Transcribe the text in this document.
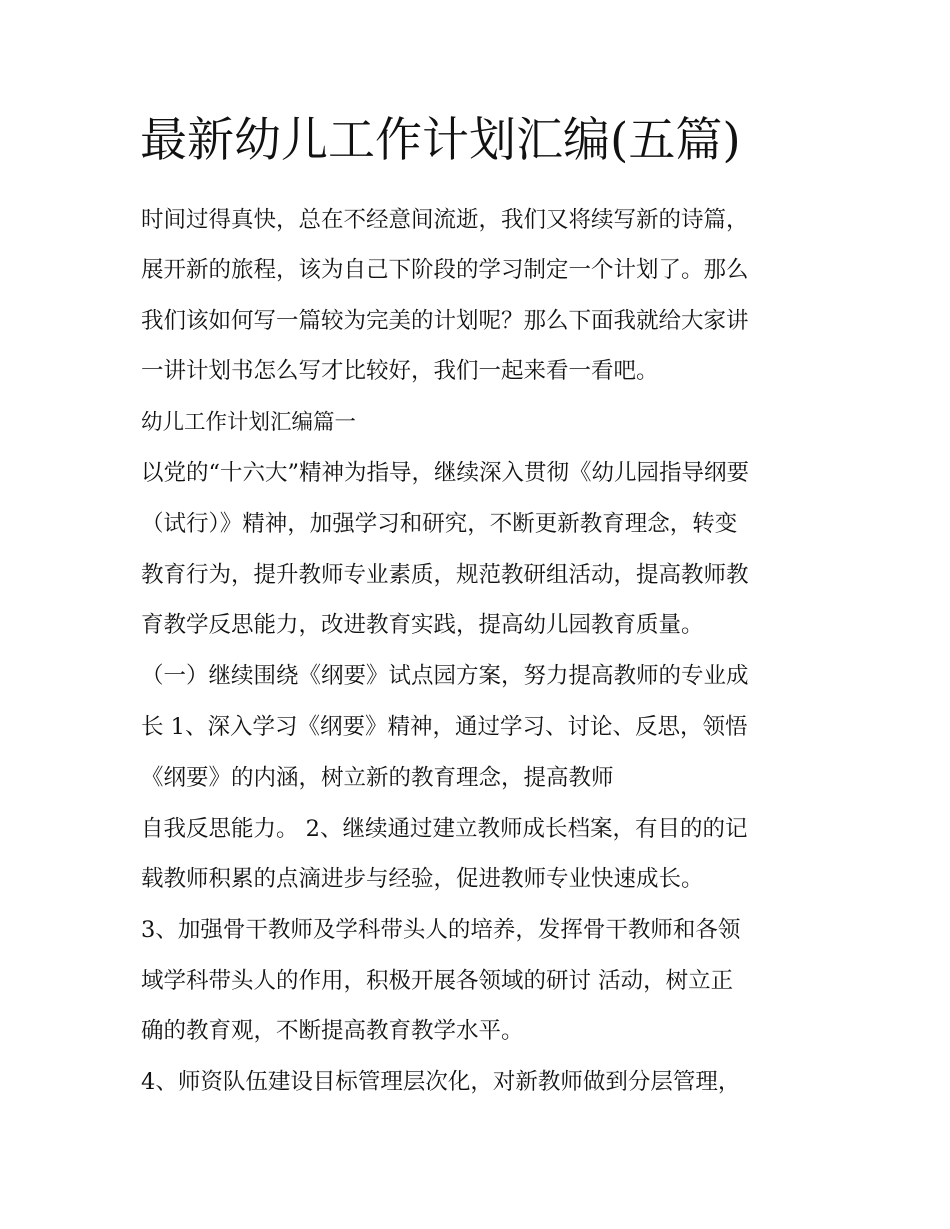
最新幼儿工作计划汇编(五篇)

时间过得真快，总在不经意间流逝，我们又将续写新的诗篇，

展开新的旅程，该为自己下阶段的学习制定一个计划了。那么

我们该如何写一篇较为完美的计划呢？那么下面我就给大家讲

一讲计划书怎么写才比较好，我们一起来看一看吧。

幼儿工作计划汇编篇一

以党的“十六大”精神为指导，继续深入贯彻《幼儿园指导纲要

（试行）》精神，加强学习和研究，不断更新教育理念，转变

教育行为，提升教师专业素质，规范教研组活动，提高教师教

育教学反思能力，改进教育实践，提高幼儿园教育质量。

（一）继续围绕《纲要》试点园方案，努力提高教师的专业成

长 1、深入学习《纲要》精神，通过学习、讨论、反思，领悟

《纲要》的内涵，树立新的教育理念，提高教师

自我反思能力。 2、继续通过建立教师成长档案，有目的的记

载教师积累的点滴进步与经验，促进教师专业快速成长。

3、加强骨干教师及学科带头人的培养，发挥骨干教师和各领

域学科带头人的作用，积极开展各领域的研讨 活动，树立正

确的教育观，不断提高教育教学水平。

4、师资队伍建设目标管理层次化，对新教师做到分层管理，
